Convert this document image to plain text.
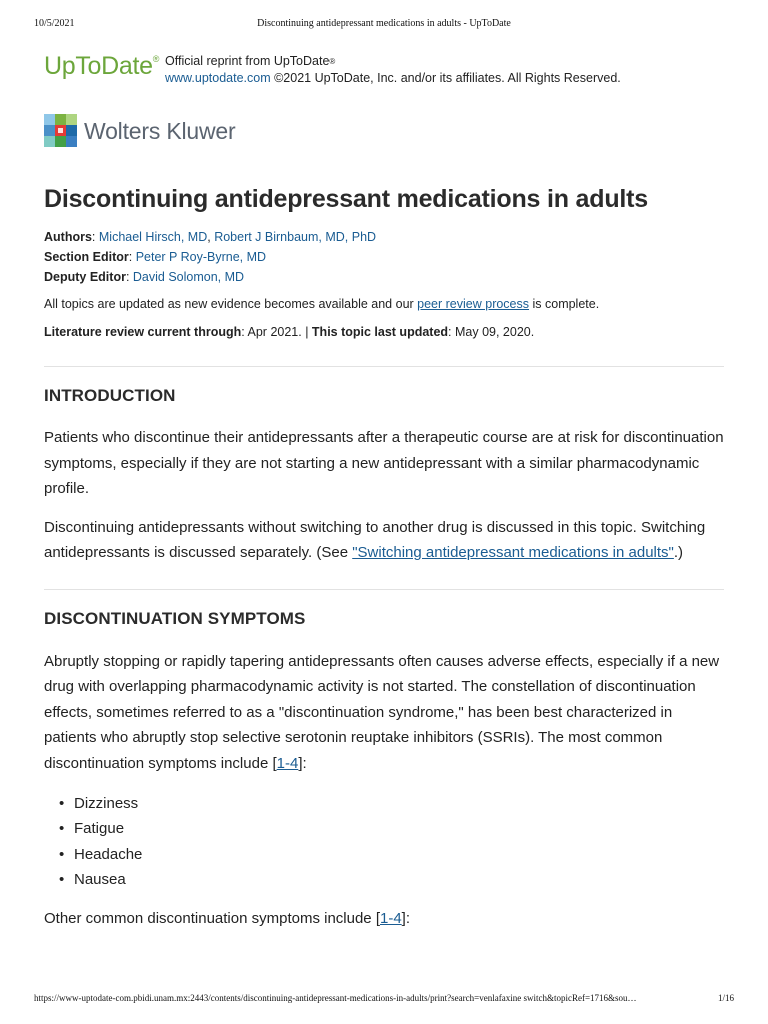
10/5/2021	Discontinuing antidepressant medications in adults - UpToDate
UpToDate® Official reprint from UpToDate®
www.uptodate.com ©2021 UpToDate, Inc. and/or its affiliates. All Rights Reserved.
Wolters Kluwer
Discontinuing antidepressant medications in adults
Authors: Michael Hirsch, MD, Robert J Birnbaum, MD, PhD
Section Editor: Peter P Roy-Byrne, MD
Deputy Editor: David Solomon, MD
All topics are updated as new evidence becomes available and our peer review process is complete.
Literature review current through: Apr 2021. | This topic last updated: May 09, 2020.
INTRODUCTION

Patients who discontinue their antidepressants after a therapeutic course are at risk for discontinuation symptoms, especially if they are not starting a new antidepressant with a similar pharmacodynamic profile.

Discontinuing antidepressants without switching to another drug is discussed in this topic. Switching antidepressants is discussed separately. (See "Switching antidepressant medications in adults".)

DISCONTINUATION SYMPTOMS

Abruptly stopping or rapidly tapering antidepressants often causes adverse effects, especially if a new drug with overlapping pharmacodynamic activity is not started. The constellation of discontinuation effects, sometimes referred to as a "discontinuation syndrome," has been best characterized in patients who abruptly stop selective serotonin reuptake inhibitors (SSRIs). The most common discontinuation symptoms include [1-4]:

• Dizziness
• Fatigue
• Headache
• Nausea

Other common discontinuation symptoms include [1-4]:

https://www-uptodate-com.pbidi.unam.mx:2443/contents/discontinuing-antidepressant-medications-in-adults/print?search=venlafaxine switch&topicRef=1716&sou…	1/16
